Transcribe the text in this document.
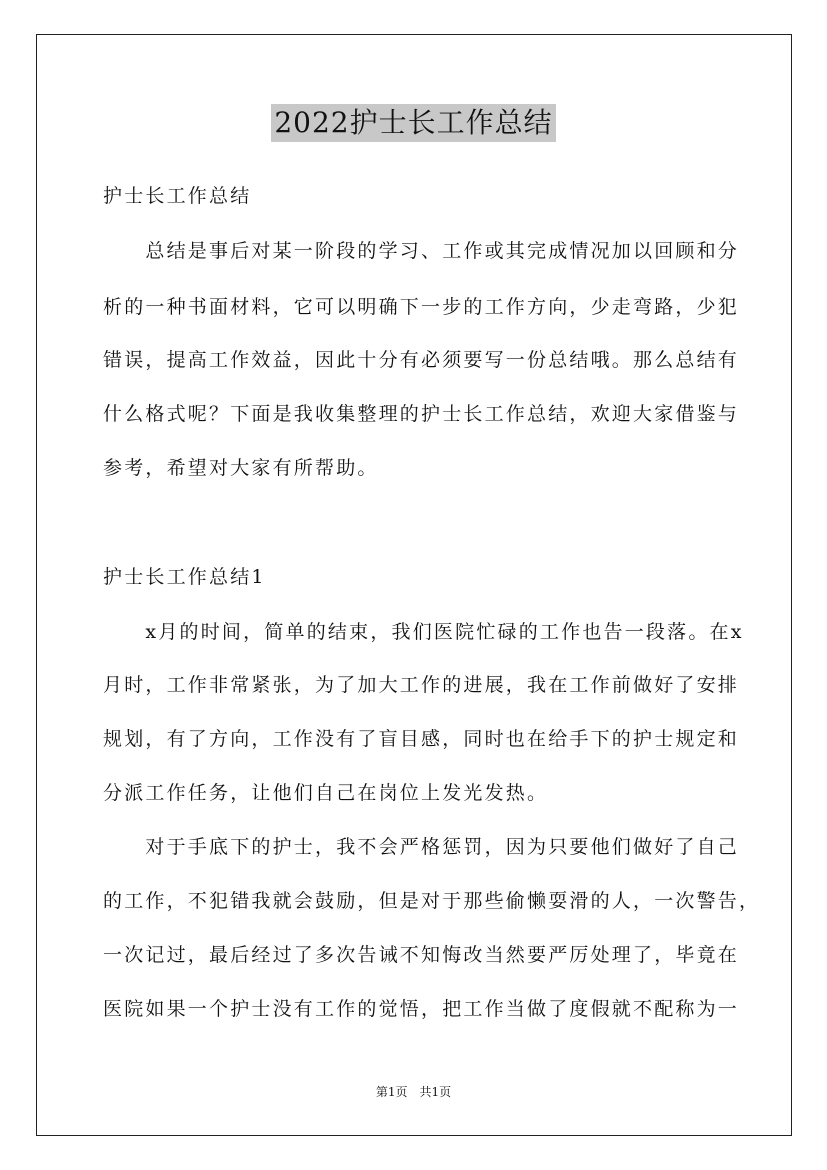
2022护士长工作总结
护士长工作总结
　　总结是事后对某一阶段的学习、工作或其完成情况加以回顾和分
析的一种书面材料，它可以明确下一步的工作方向，少走弯路，少犯
错误，提高工作效益，因此十分有必须要写一份总结哦。那么总结有
什么格式呢？下面是我收集整理的护士长工作总结，欢迎大家借鉴与
参考，希望对大家有所帮助。
护士长工作总结1
　　x月的时间，简单的结束，我们医院忙碌的工作也告一段落。在x
月时，工作非常紧张，为了加大工作的进展，我在工作前做好了安排
规划，有了方向，工作没有了盲目感，同时也在给手下的护士规定和
分派工作任务，让他们自己在岗位上发光发热。
　　对于手底下的护士，我不会严格惩罚，因为只要他们做好了自己
的工作，不犯错我就会鼓励，但是对于那些偷懒耍滑的人，一次警告，
一次记过，最后经过了多次告诫不知悔改当然要严厉处理了，毕竟在
医院如果一个护士没有工作的觉悟，把工作当做了度假就不配称为一
第1页 共1页
